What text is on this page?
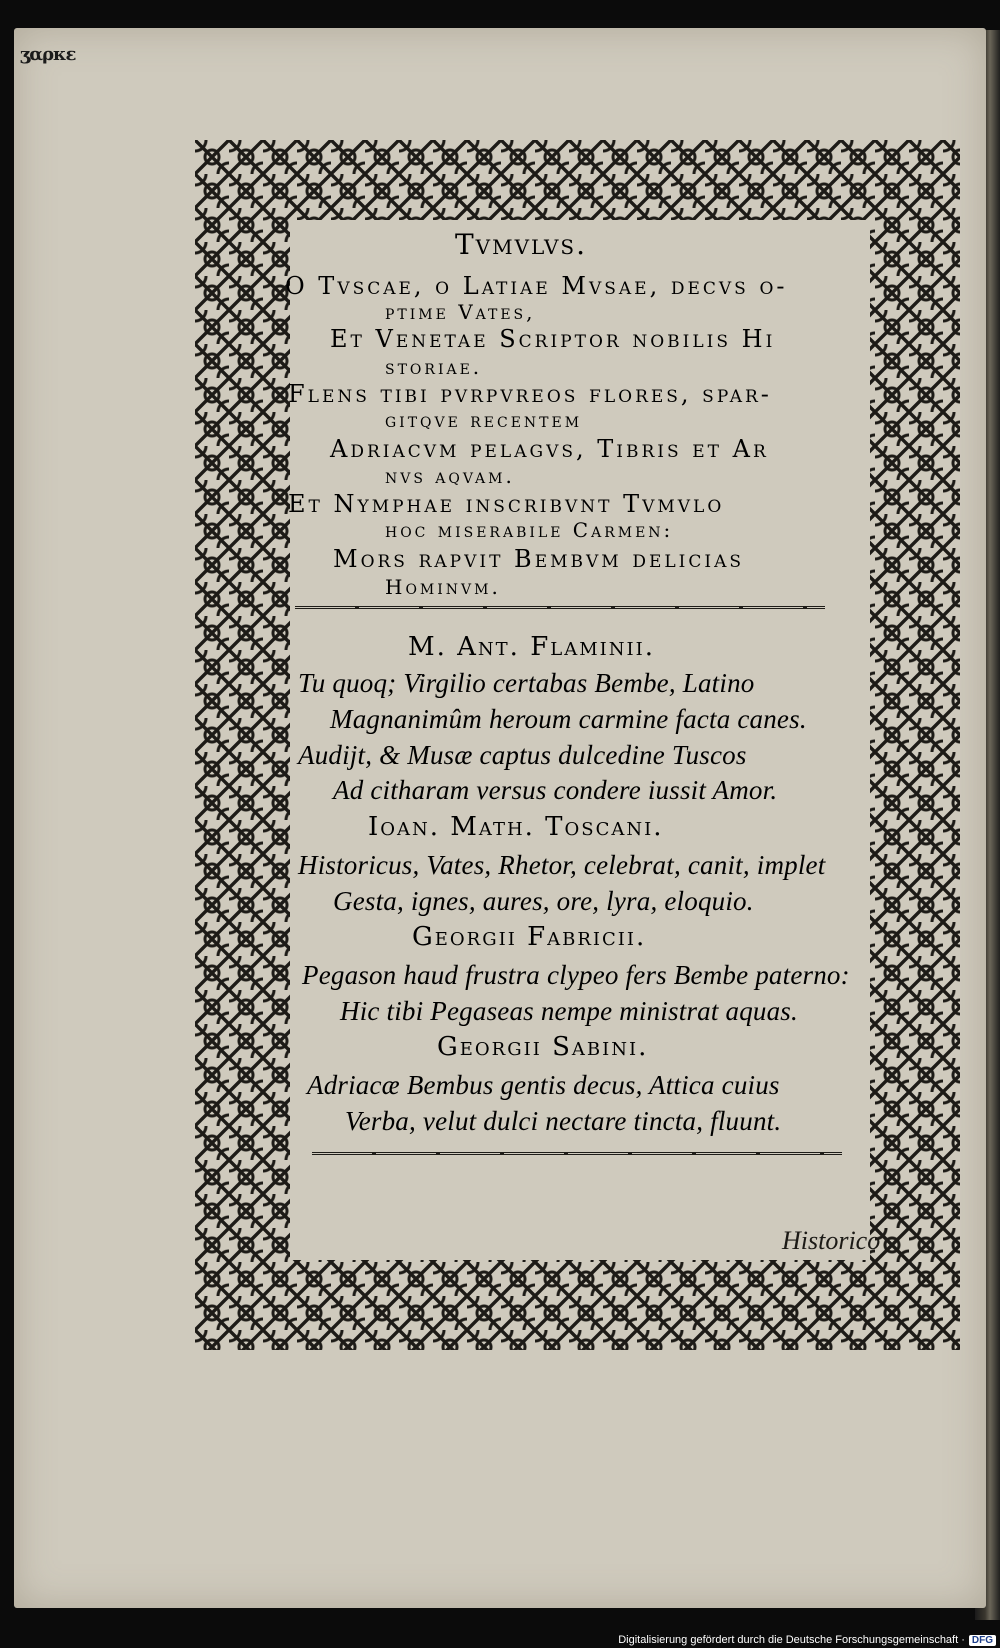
ʒαρκε
Tvmvlvs.
O Tvscae, o Latiae Mvsae, decvs o-
ptime Vates,
Et Venetae Scriptor nobilis Hi
storiae.
Flens tibi pvrpvreos flores, spar-
gitqve recentem
Adriacvm pelagvs, Tibris et Ar
nvs aqvam.
Et Nymphae inscribvnt Tvmvlo
hoc miserabile Carmen:
Mors rapvit Bembvm delicias
Hominvm.
M. Ant. Flaminii.
Tu quoq; Virgilio certabas Bembe, Latino
Magnanimûm heroum carmine facta canes.
Audijt, & Musæ captus dulcedine Tuscos
Ad citharam versus condere iussit Amor.
Ioan. Math. Toscani.
Historicus, Vates, Rhetor, celebrat, canit, implet
Gesta, ignes, aures, ore, lyra, eloquio.
Georgii Fabricii.
Pegason haud frustra clypeo fers Bembe paterno:
Hic tibi Pegaseas nempe ministrat aquas.
Georgii Sabini.
Adriacæ Bembus gentis decus, Attica cuius
Verba, velut dulci nectare tincta, fluunt.
Historico
Digitalisierung gefördert durch die Deutsche Forschungsgemeinschaft · DFG
